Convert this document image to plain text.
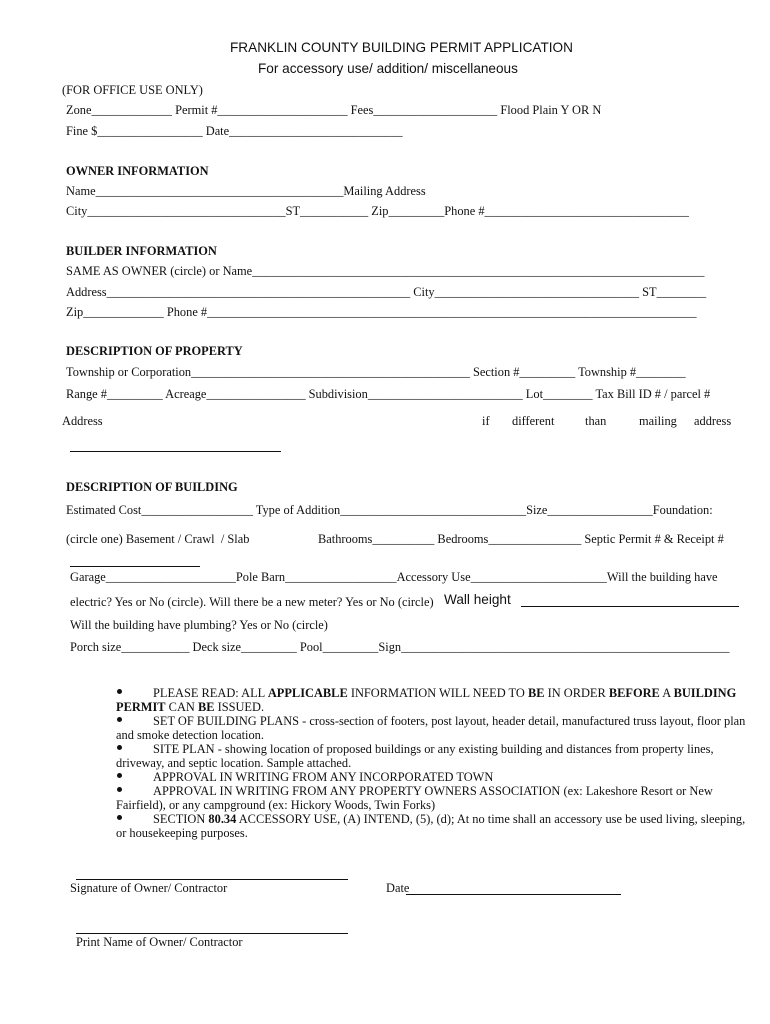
FRANKLIN COUNTY BUILDING PERMIT APPLICATION
For accessory use/ addition/ miscellaneous
(FOR OFFICE USE ONLY)
Zone_____________ Permit #_____________________ Fees____________________ Flood Plain Y OR N
Fine $_________________ Date____________________________
OWNER INFORMATION
Name________________________________________Mailing Address
City________________________________ST___________ Zip_________Phone #_________________________________
BUILDER INFORMATION
SAME AS OWNER (circle) or Name_________________________________________________________________________
Address_________________________________________________ City_________________________________ ST________
Zip_____________ Phone #_______________________________________________________________________________
DESCRIPTION OF PROPERTY
Township or Corporation_____________________________________________ Section #_________ Township #________
Range #_________ Acreage________________ Subdivision_________________________ Lot________ Tax Bill ID # / parcel #
Address	if different than	mailing address
DESCRIPTION OF BUILDING
Estimated Cost__________________ Type of Addition______________________________Size_________________Foundation:
(circle one) Basement / Crawl  / Slab	Bathrooms__________ Bedrooms_______________ Septic Permit # & Receipt #
Garage_____________________Pole Barn__________________Accessory Use______________________Will the building have
electric? Yes or No (circle). Will there be a new meter? Yes or No (circle) Wall height
Will the building have plumbing? Yes or No (circle)
Porch size___________ Deck size_________ Pool_________Sign_____________________________________________________
PLEASE READ: ALL APPLICABLE INFORMATION WILL NEED TO BE IN ORDER BEFORE A BUILDING PERMIT CAN BE ISSUED.
SET OF BUILDING PLANS - cross-section of footers, post layout, header detail, manufactured truss layout, floor plan and smoke detection location.
SITE PLAN - showing location of proposed buildings or any existing building and distances from property lines, driveway, and septic location. Sample attached.
APPROVAL IN WRITING FROM ANY INCORPORATED TOWN
APPROVAL IN WRITING FROM ANY PROPERTY OWNERS ASSOCIATION (ex: Lakeshore Resort or New Fairfield), or any campground (ex: Hickory Woods, Twin Forks)
SECTION 80.34 ACCESSORY USE, (A) INTEND, (5), (d); At no time shall an accessory use be used living, sleeping, or housekeeping purposes.
Signature of Owner/ Contractor	Date
Print Name of Owner/ Contractor
